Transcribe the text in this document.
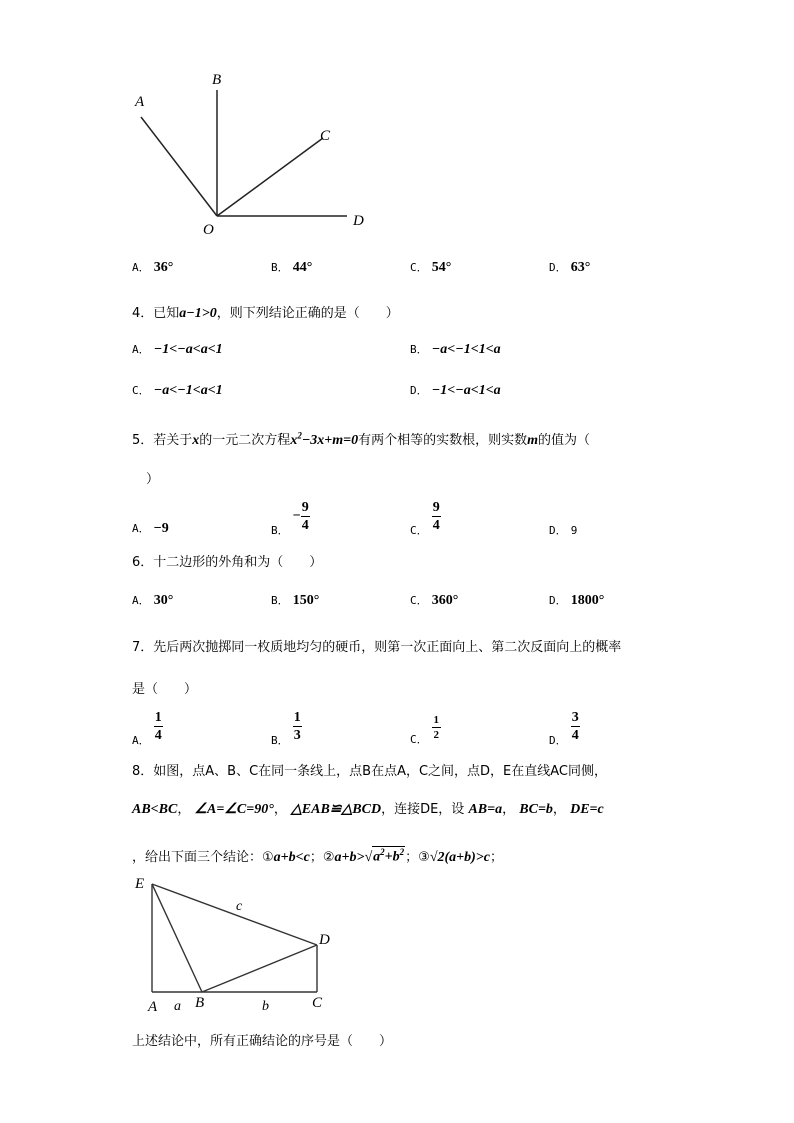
A
B
C
D
O
A． 36°	B． 44°	C． 54°	D． 63°
4．已知a−1>0，则下列结论正确的是（　　）
A． −1<−a<a<1	B． −a<−1<1<a
C． −a<−1<a<1	D． −1<−a<1<a
5．若关于x的一元二次方程$x^2-3x+m=0$有两个相等的实数根，则实数m的值为（
）
A． −9	$_{B.} - \frac{9}{4}$	$_{C.} \frac{9}{4}$	D． 9
6．十二边形的外角和为（　　）
A． 30°	B． 150°	C． 360°	D． 1800°
7．先后两次抛掷同一枚质地均匀的硬币，则第一次正面向上、第二次反面向上的概率
是（　　）
$_{A.} \frac{1}{4}$	$_{B.} \frac{1}{3}$	$_{C.} \frac{1}{2}$	$_{D.} \frac{3}{4}$
8．如图，点A、B、C在同一条线上，点B在点A，C之间，点D，E在直线AC同侧，
AB<BC， ∠A=∠C=90°， △EAB≌△BCD，连接DE，设 AB=a， BC=b， DE=c
，给出下面三个结论：①a+b<c；$②a+b>√a^2+b^2$；③√2(a+b)>c；
E
c
D
A a B	b	C
上述结论中，所有正确结论的序号是（　　）
